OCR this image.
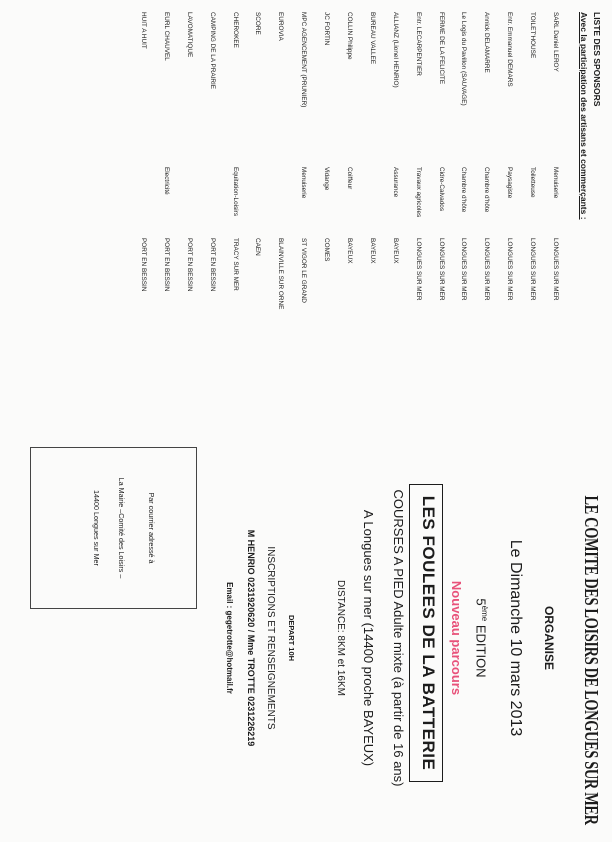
LISTE DES SPONSORS
Avec la participation des artisans et commerçants :
SARL Daniel LEROY
Menuiserie
LONGUES SUR MER
TOILET'HOUSE
Toiletteuse
LONGUES SUR MER
Entr. Emmanuel DEMARS
Paysagiste
LONGUES SUR MER
Annick DELAMARRE
Chambre d'hôte
LONGUES SUR MER
Le Logis du Pavillon (SAUVAGE)
Chambre d'hôte
LONGUES SUR MER
FERME DE LA FELICITE
Cidre-Calvados
LONGUES SUR MER
Entr. LECARPENTIER
Travaux agricoles
LONGUES SUR MER
ALLIANZ (Lionel HENRIO)
Assurance
BAYEUX
BUREAU VALLEE
BAYEUX
COLLIN Philippe
Coiffeur
BAYEUX
JC FORTIN
Vidange
COMES
MPC AGENCEMENT (PRUNIER)
Menuiserie
ST VIGOR LE GRAND
EUROVIA
BLAINVILLE SUR ORNE
SCORE
CAEN
CHEROKEE
Equitation-Loisirs
TRACY SUR MER
CAMPING DE LA PRAIRIE
PORT EN BESSIN
LAVOMATIQUE
PORT EN BESSIN
EURL CHAUVEL
Electricité
PORT EN BESSIN
HUIT A HUIT
PORT EN BESSIN
LE COMITE DES LOISIRS DE LONGUES SUR MER
ORGANISE
Le Dimanche 10 mars 2013
5ème EDITION
Nouveau parcours
LES FOULEES DE LA BATTERIE
COURSES A PIED Adulte mixte (à partir de 16 ans)
A Longues sur mer (14400 proche BAYEUX)
DISTANCE: 8KM et 16KM
DEPART 10H
INSCRIPTIONS ET RENSEIGNEMENTS
M HENRIO 0231920620 / Mme TROTTE 0231226219
Email : gegetrotte@hotmail.fr
Par courrier adressé à
La Mairie –Comité des Loisirs –
14400 Longues sur Mer
